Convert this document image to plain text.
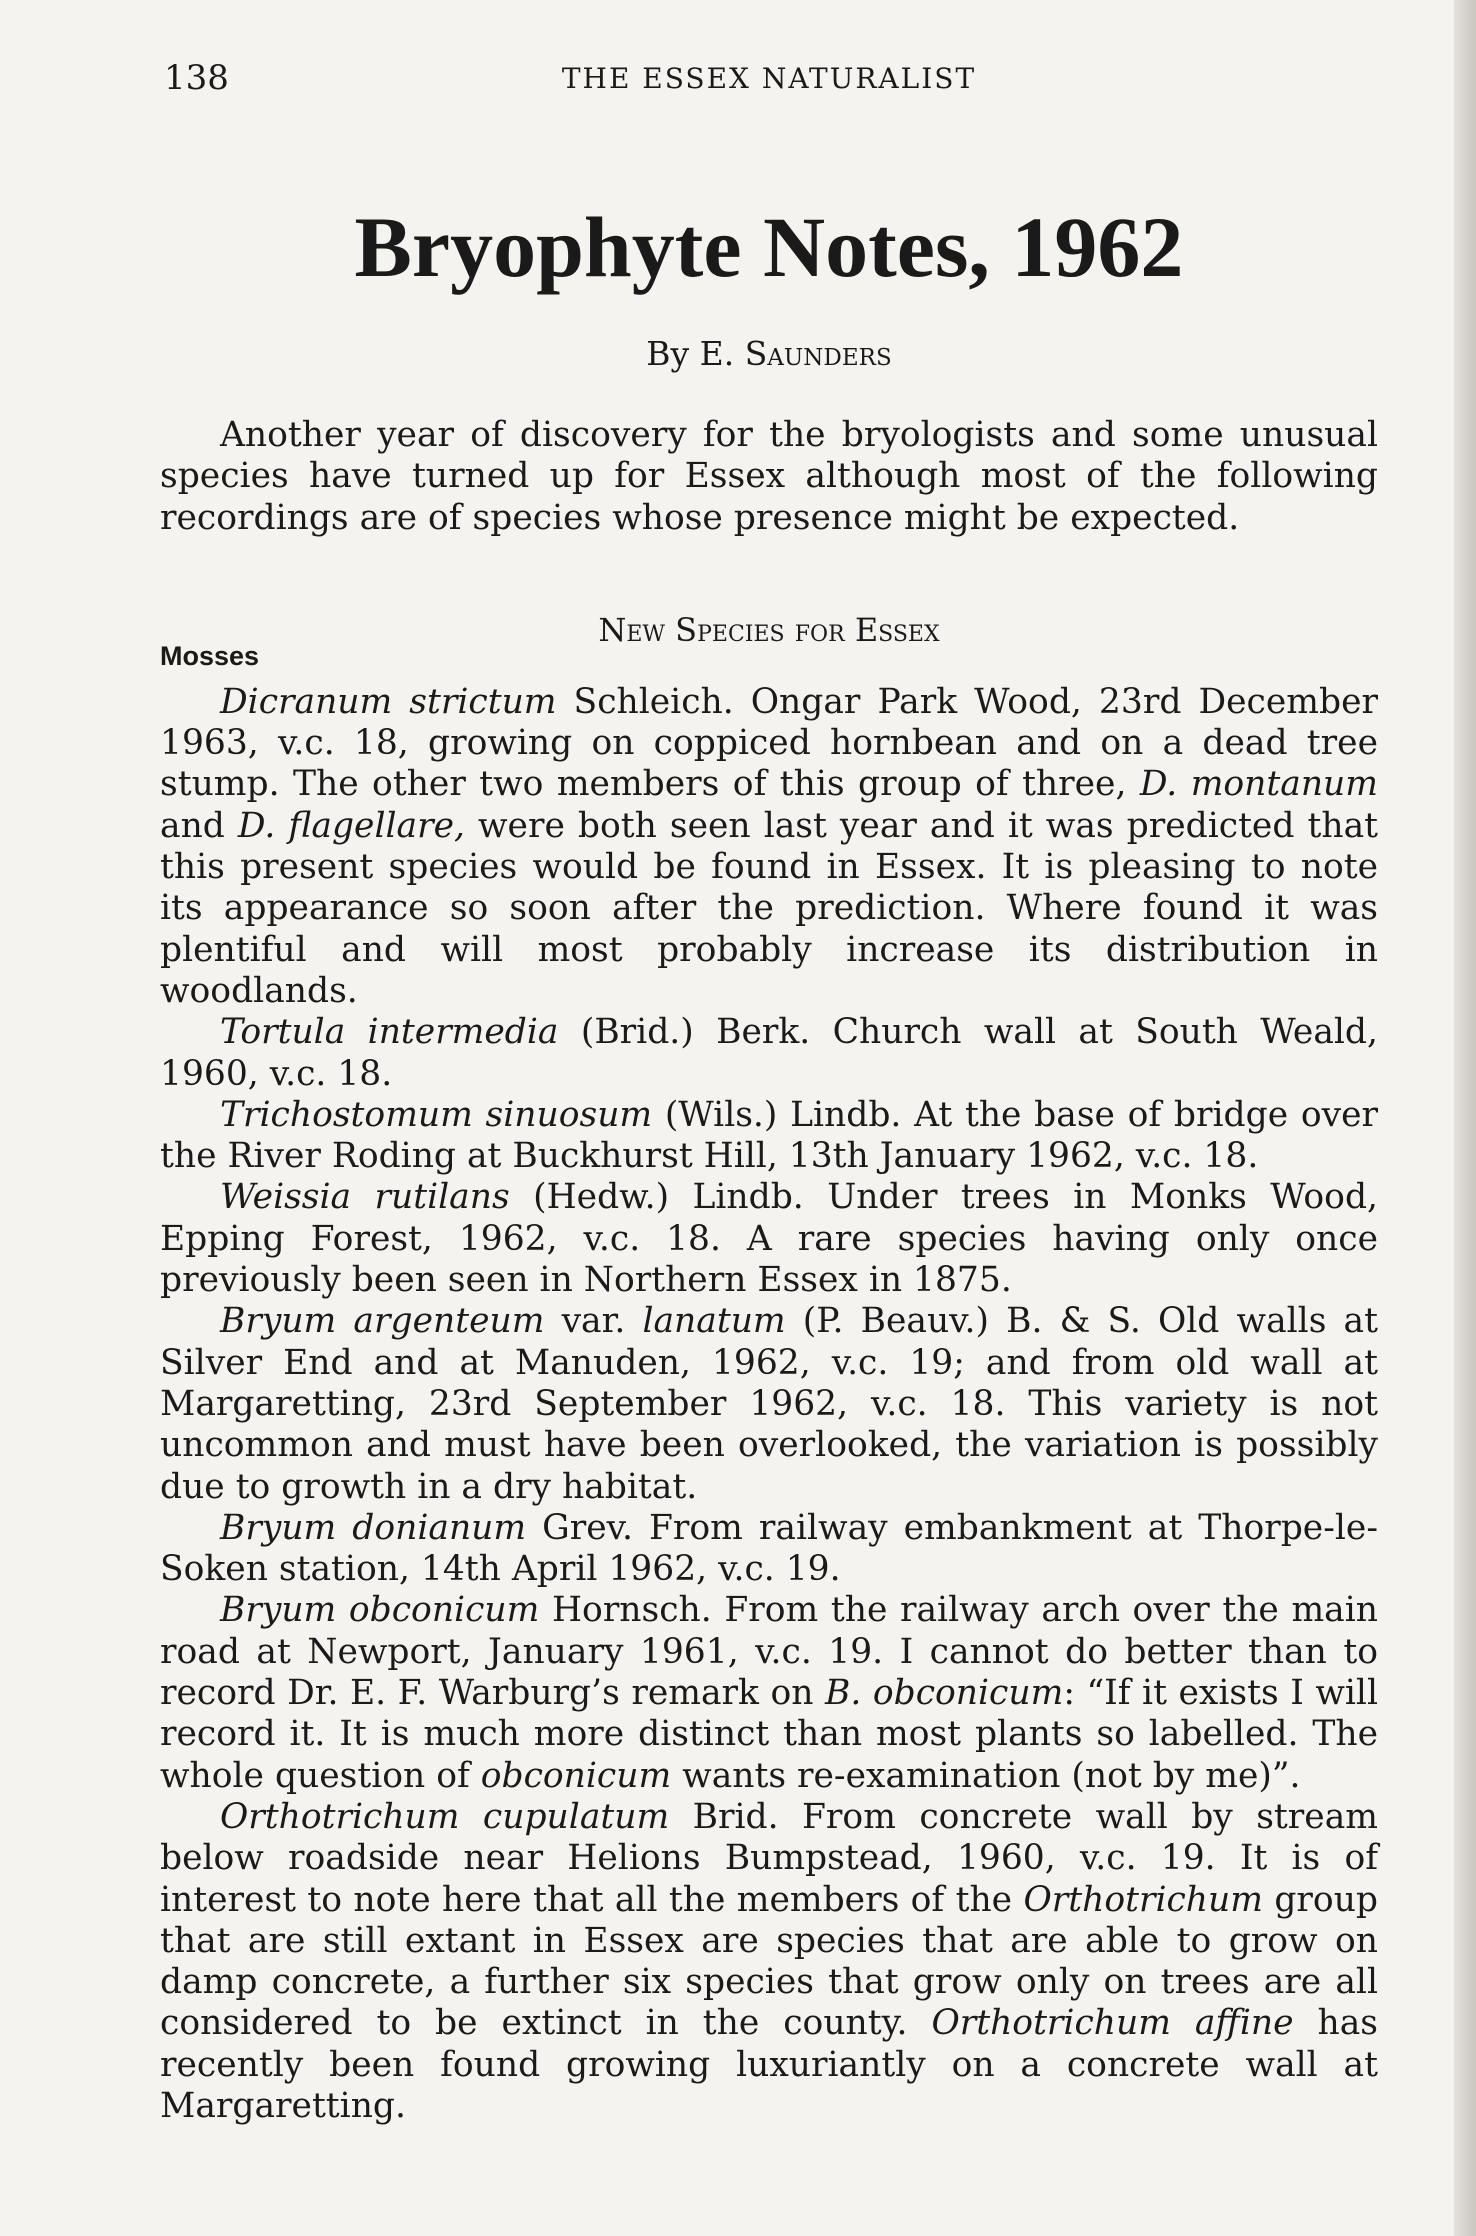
138	THE ESSEX NATURALIST
Bryophyte Notes, 1962
By E. Saunders

Another year of discovery for the bryologists and some unusual species have turned up for Essex although most of the following recordings are of species whose presence might be expected.

New Species for Essex
Mosses

Dicranum strictum Schleich. Ongar Park Wood, 23rd December 1963, v.c. 18, growing on coppiced hornbean and on a dead tree stump. The other two members of this group of three, D. montanum and D. flagellare, were both seen last year and it was predicted that this present species would be found in Essex. It is pleasing to note its appearance so soon after the prediction. Where found it was plentiful and will most probably increase its distribution in woodlands.

Tortula intermedia (Brid.) Berk. Church wall at South Weald, 1960, v.c. 18.

Trichostomum sinuosum (Wils.) Lindb. At the base of bridge over the River Roding at Buckhurst Hill, 13th January 1962, v.c. 18.

Weissia rutilans (Hedw.) Lindb. Under trees in Monks Wood, Epping Forest, 1962, v.c. 18. A rare species having only once previously been seen in Northern Essex in 1875.

Bryum argenteum var. lanatum (P. Beauv.) B. & S. Old walls at Silver End and at Manuden, 1962, v.c. 19; and from old wall at Margaretting, 23rd September 1962, v.c. 18. This variety is not uncommon and must have been overlooked, the variation is possibly due to growth in a dry habitat.

Bryum donianum Grev. From railway embankment at Thorpe-le-Soken station, 14th April 1962, v.c. 19.

Bryum obconicum Hornsch. From the railway arch over the main road at Newport, January 1961, v.c. 19. I cannot do better than to record Dr. E. F. Warburg’s remark on B. obconicum: “If it exists I will record it. It is much more distinct than most plants so labelled. The whole question of obconicum wants re-examination (not by me)”.

Orthotrichum cupulatum Brid. From concrete wall by stream below roadside near Helions Bumpstead, 1960, v.c. 19. It is of interest to note here that all the members of the Orthotrichum group that are still extant in Essex are species that are able to grow on damp concrete, a further six species that grow only on trees are all considered to be extinct in the county. Orthotrichum affine has recently been found growing luxuriantly on a concrete wall at Margaretting.
